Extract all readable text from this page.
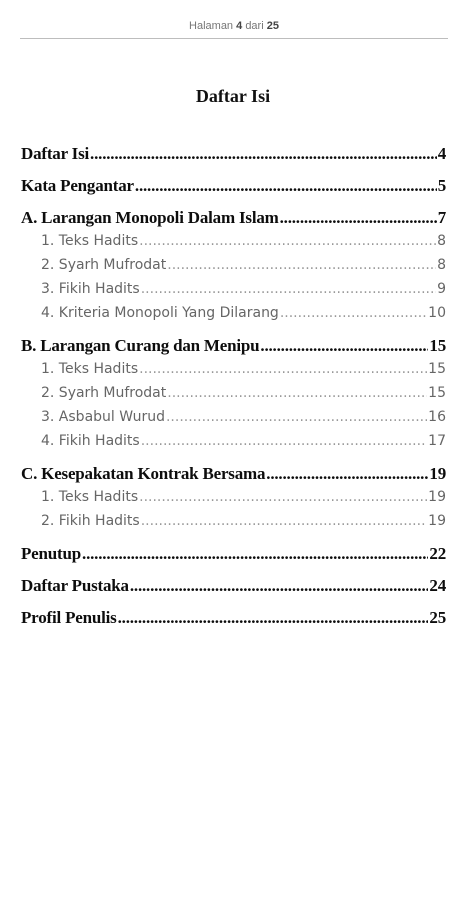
Halaman 4 dari 25
Daftar Isi
Daftar Isi .....	4
Kata Pengantar .....	5
A. Larangan Monopoli Dalam Islam .....	7
1. Teks Hadits .....	8
2. Syarh Mufrodat .....	8
3. Fikih Hadits .....	9
4. Kriteria Monopoli Yang Dilarang .....	10
B. Larangan Curang dan Menipu .....	15
1. Teks Hadits .....	15
2. Syarh Mufrodat .....	15
3. Asbabul Wurud .....	16
4. Fikih Hadits .....	17
C. Kesepakatan Kontrak Bersama .....	19
1. Teks Hadits .....	19
2. Fikih Hadits .....	19
Penutup .....	22
Daftar Pustaka .....	24
Profil Penulis .....	25
